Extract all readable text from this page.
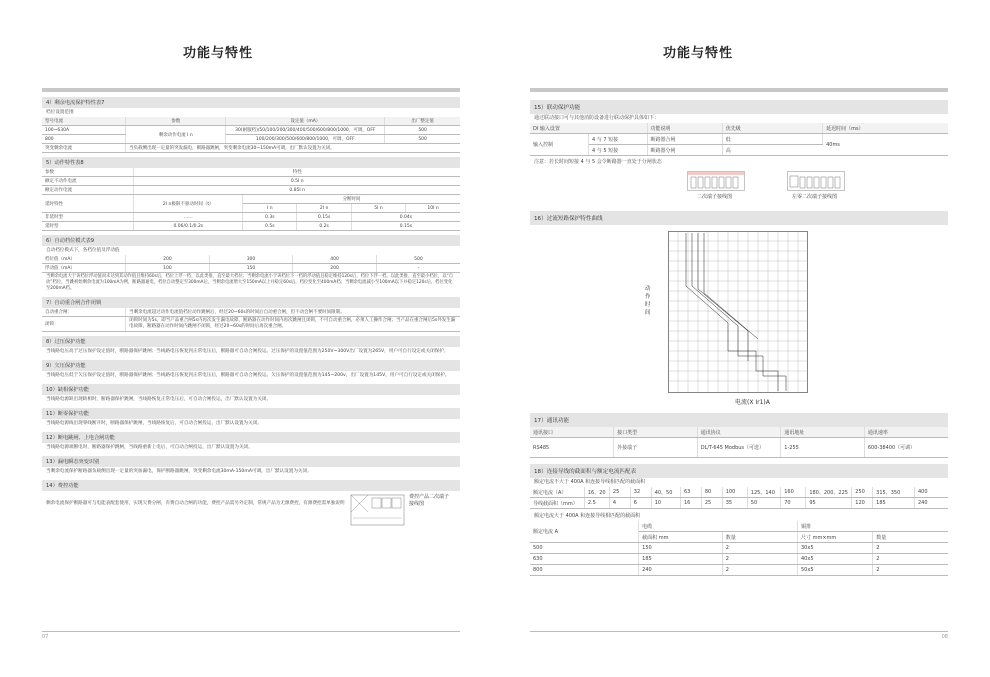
功能与特性
4）剩余电流保护特性表7
档位设置范围
型号电流	参数	设定值（mA）	出厂整定值
100~630A	剩余动作电流 I n	30(耐服档)/50/100/200/300/400/500/600/800/1000，可调，OFF	500
800		100/200/300/500/600/800/1000，可调，OFF	500
突变剩余电流	当负载侧出现一定量的突发漏电，断路器跳闸，突变剩余电流30~150mA可调，出厂默认设置为关闭。		
5）动作特性表8
参数	特性				
额定不动作电流	0.5I n				
额定动作电流	0.85I n				
延时特性	2I n极限不驱动时间（t）	分断时间			
		I n	2I n	5I n	10I n
非延时型	……	0.3s	0.15s	0.04s	
延时型	0.06/0.1/0.2s	0.5s	0.2s	0.15s	
6）自动档位模式表9
自动档位模式下，各档位值及浮动值
档位值（mA）	200	300	400	500
浮动值（mA）	100	150	200	-
当剩余电流大于该档位浮动值而未达到其动作值且维持60s后，档位上浮一档，以此类推，直至最大档位；当剩余电流小于该档位下一档的浮动值且稳定维持120s后，档位下浮一档，以此类推，直至最小档位，以“自动”档位，当跳初始剩余电流为100mA为例，断路器通电，档位自动整定至300mA后，当剩余电流增大至150mA以上并稳定60s后，档位变化至400mA档；当剩余电流减小至100mA以下并稳定120s后，档位变化至200mA档。
7）自动重合闸合作闭锁
自动重合闸：	当剩余电流超过动作电流值档位动作跳闸后，经过20~60s的时间后自动重合闸，但不动会闸不要时间限制。
闭锁：	闭锁时间为5s，即当产品重合闸5s内再次发生漏电故障，断路器在动作时间内再次跳闸且闭锁，不可自动重合闸，必须人工操作合闸；当产品在重合闸后5s外发生漏电故障，断路器在动作时间内跳闸不闭锁，经过20~60s的时间后再次重合闸。
8）过压保护功能
当线路电压高于过压保护设定值时，断路器保护跳闸；当线路电压恢复到正常电压后，断路器可自动合闸投运。过压保护的设置值范围为250V~300V出厂设置为265V，用户可自行设定或关闭保护。
9）欠压保护功能
当线路电压低于欠压保护设定值时，断路器保护跳闸；当线路电压恢复到正常电压后，断路器可自动合闸投运。欠压保护的设置值范围为145~200v，出厂设置为145V，用户可自行设定或关闭保护。
10）缺相保护功能
当线路电源缺出现缺相时，断路器保护跳闸，当线路恢复正常电压后，可自动合闸投运，出厂默认设置为关闭。
11）断零保护功能
当线路电源线出现零线断开时，断路器保护跳闸，当线路恢复后，可自动合闸投运，出厂默认设置为关闭。
12）断电跳闸、上电合闸功能
当线路电源端断电时，断路器保护跳闸，当线路重新上电后，可自动合闸投运，出厂默认设置为关闭。
13）漏电瞬态突变识别
当剩余电流保护断路器负载侧出现一定量的突加漏电，保护断路器跳闸，突变剩余电流30mA-150mA可调，出厂默认设置为关闭。
14）费控功能
剩余电流保护断路器可与电能表配套使用，实现欠费分闸，有费自动合闸的功能，费控产品需另外定制，常规产品为无源费控，有源费控需单独说明
费控产品二次端子接线图
07
功能与特性
15）联动保护功能
通过联动接口可与其他消防设备进行联动保护具体如下：
DI 输入设置		功能说明	优先级	延迟时间（ms）
输入控制	4 与 7 短接	断路器合闸	低	40ms
	4 与 5 短接	断路器分闸	高	
注意：若长时间短接 4 与 5 会令断路器一直处于分闸状态
二次端子接线图	左零二次端子接线图
16）过流短路保护特性曲线
动作时间
电流(X Ir1)A
17）通讯功能
通讯接口	接口类型	通讯协议	通讯地址	通讯速率
RS485	外接端子	DL/T-645 Modbus（可选）	1-255	600-38400（可调）
18）连接导线的截面积与额定电流匹配表
额定电流不大于 400A 和连接导线相匹配的截面积
额定电流（A）	16、20	25	32	40、50	63	80	100	125、140	160	180、200、225	250	315、350	400
导线截面积（mm）	2.5	4	6	10	16	25	35	50	70	95	120	185	240
额定电流大于 400A 和连接导线相匹配的截面积
额定电流 A	电缆		铜排	
	截面积 mm	数量	尺寸 mm×mm	数量
500	150	2	30x5	2
630	185	2	40x5	2
800	240	2	50x5	2
08
